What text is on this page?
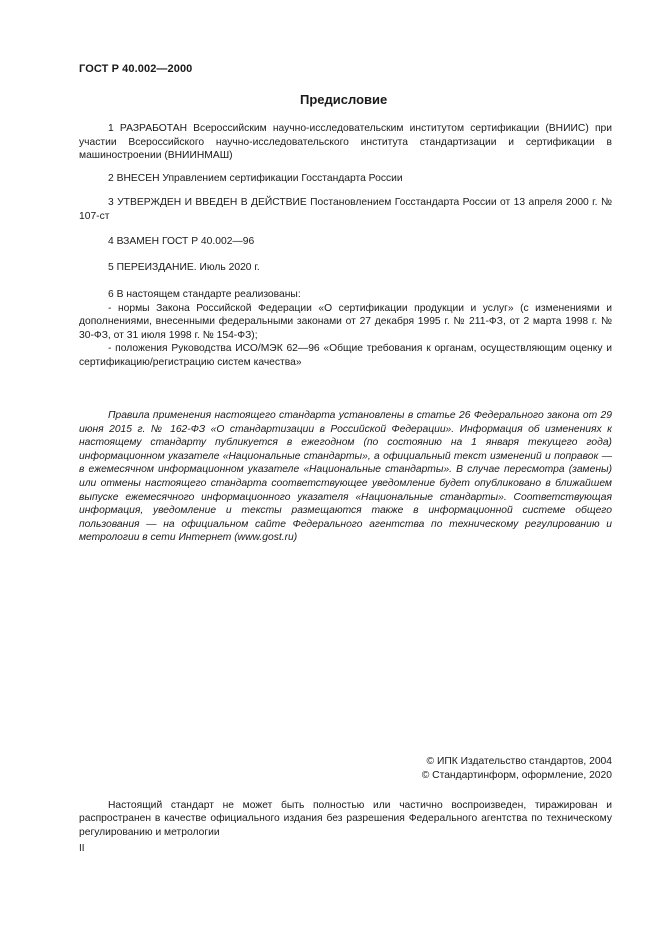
ГОСТ Р 40.002—2000
Предисловие

1 РАЗРАБОТАН Всероссийским научно-исследовательским институтом сертификации (ВНИИС) при участии Всероссийского научно-исследовательского института стандартизации и сертификации в машиностроении (ВНИИНМАШ)

2 ВНЕСЕН Управлением сертификации Госстандарта России

3 УТВЕРЖДЕН И ВВЕДЕН В ДЕЙСТВИЕ Постановлением Госстандарта России от 13 апреля 2000 г. № 107-ст

4 ВЗАМЕН ГОСТ Р 40.002—96

5 ПЕРЕИЗДАНИЕ. Июль 2020 г.

6 В настоящем стандарте реализованы:

- нормы Закона Российской Федерации «О сертификации продукции и услуг» (с изменениями и дополнениями, внесенными федеральными законами от 27 декабря 1995 г. № 211-ФЗ, от 2 марта 1998 г. № 30-ФЗ, от 31 июля 1998 г. № 154-ФЗ);

- положения Руководства ИСО/МЭК 62—96 «Общие требования к органам, осуществляющим оценку и сертификацию/регистрацию систем качества»

Правила применения настоящего стандарта установлены в статье 26 Федерального закона от 29 июня 2015 г. № 162-ФЗ «О стандартизации в Российской Федерации». Информация об изменениях к настоящему стандарту публикуется в ежегодном (по состоянию на 1 января текущего года) информационном указателе «Национальные стандарты», а официальный текст изменений и поправок — в ежемесячном информационном указателе «Национальные стандарты». В случае пересмотра (замены) или отмены настоящего стандарта соответствующее уведомление будет опубликовано в ближайшем выпуске ежемесячного информационного указателя «Национальные стандарты». Соответствующая информация, уведомление и тексты размещаются также в информационной системе общего пользования — на официальном сайте Федерального агентства по техническому регулированию и метрологии в сети Интернет (www.gost.ru)

© ИПК Издательство стандартов, 2004
© Стандартинформ, оформление, 2020

Настоящий стандарт не может быть полностью или частично воспроизведен, тиражирован и распространен в качестве официального издания без разрешения Федерального агентства по техническому регулированию и метрологии

II
